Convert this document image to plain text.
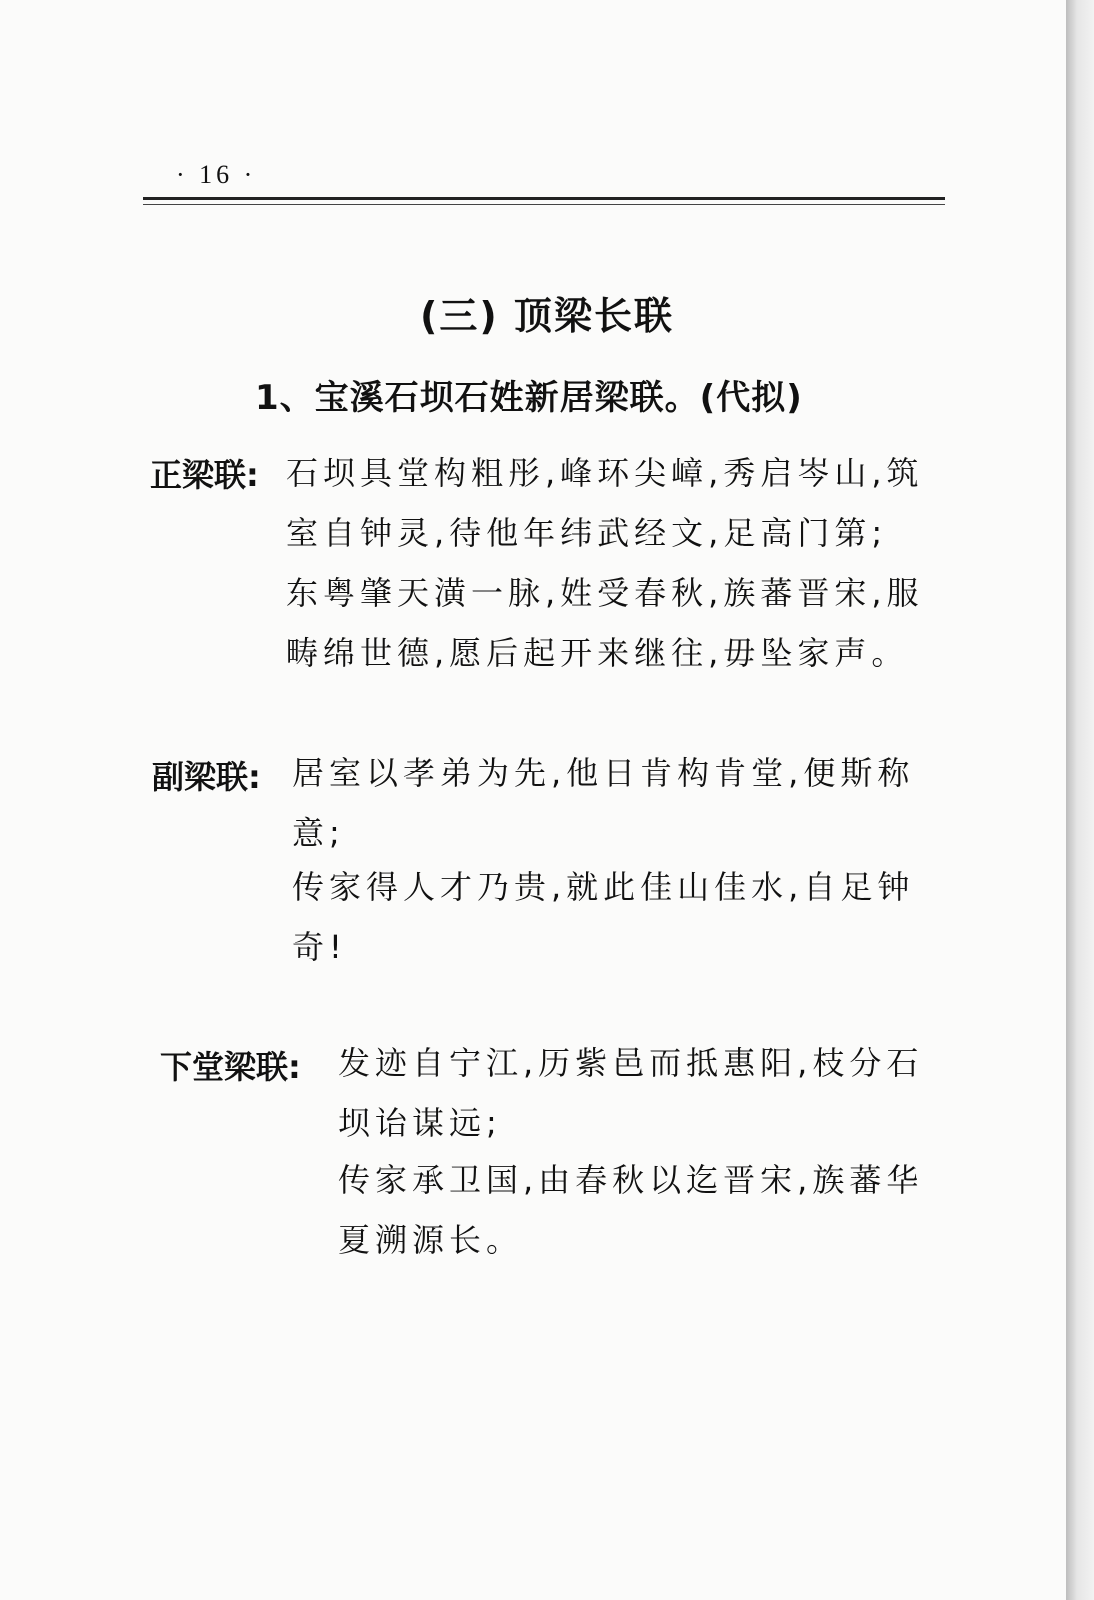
· 16 ·
(三) 顶梁长联
1、宝溪石坝石姓新居梁联。(代拟)
正梁联: 石坝具堂构粗彤,峰环尖嶂,秀启岑山,筑
室自钟灵,待他年纬武经文,足高门第;
东粤肇天潢一脉,姓受春秋,族蕃晋宋,服
畴绵世德,愿后起开来继往,毋坠家声。
副梁联: 居室以孝弟为先,他日肯构肯堂,便斯称
意;
传家得人才乃贵,就此佳山佳水,自足钟
奇!
下堂梁联: 发迹自宁江,历紫邑而抵惠阳,枝分石
坝诒谋远;
传家承卫国,由春秋以迄晋宋,族蕃华
夏溯源长。
